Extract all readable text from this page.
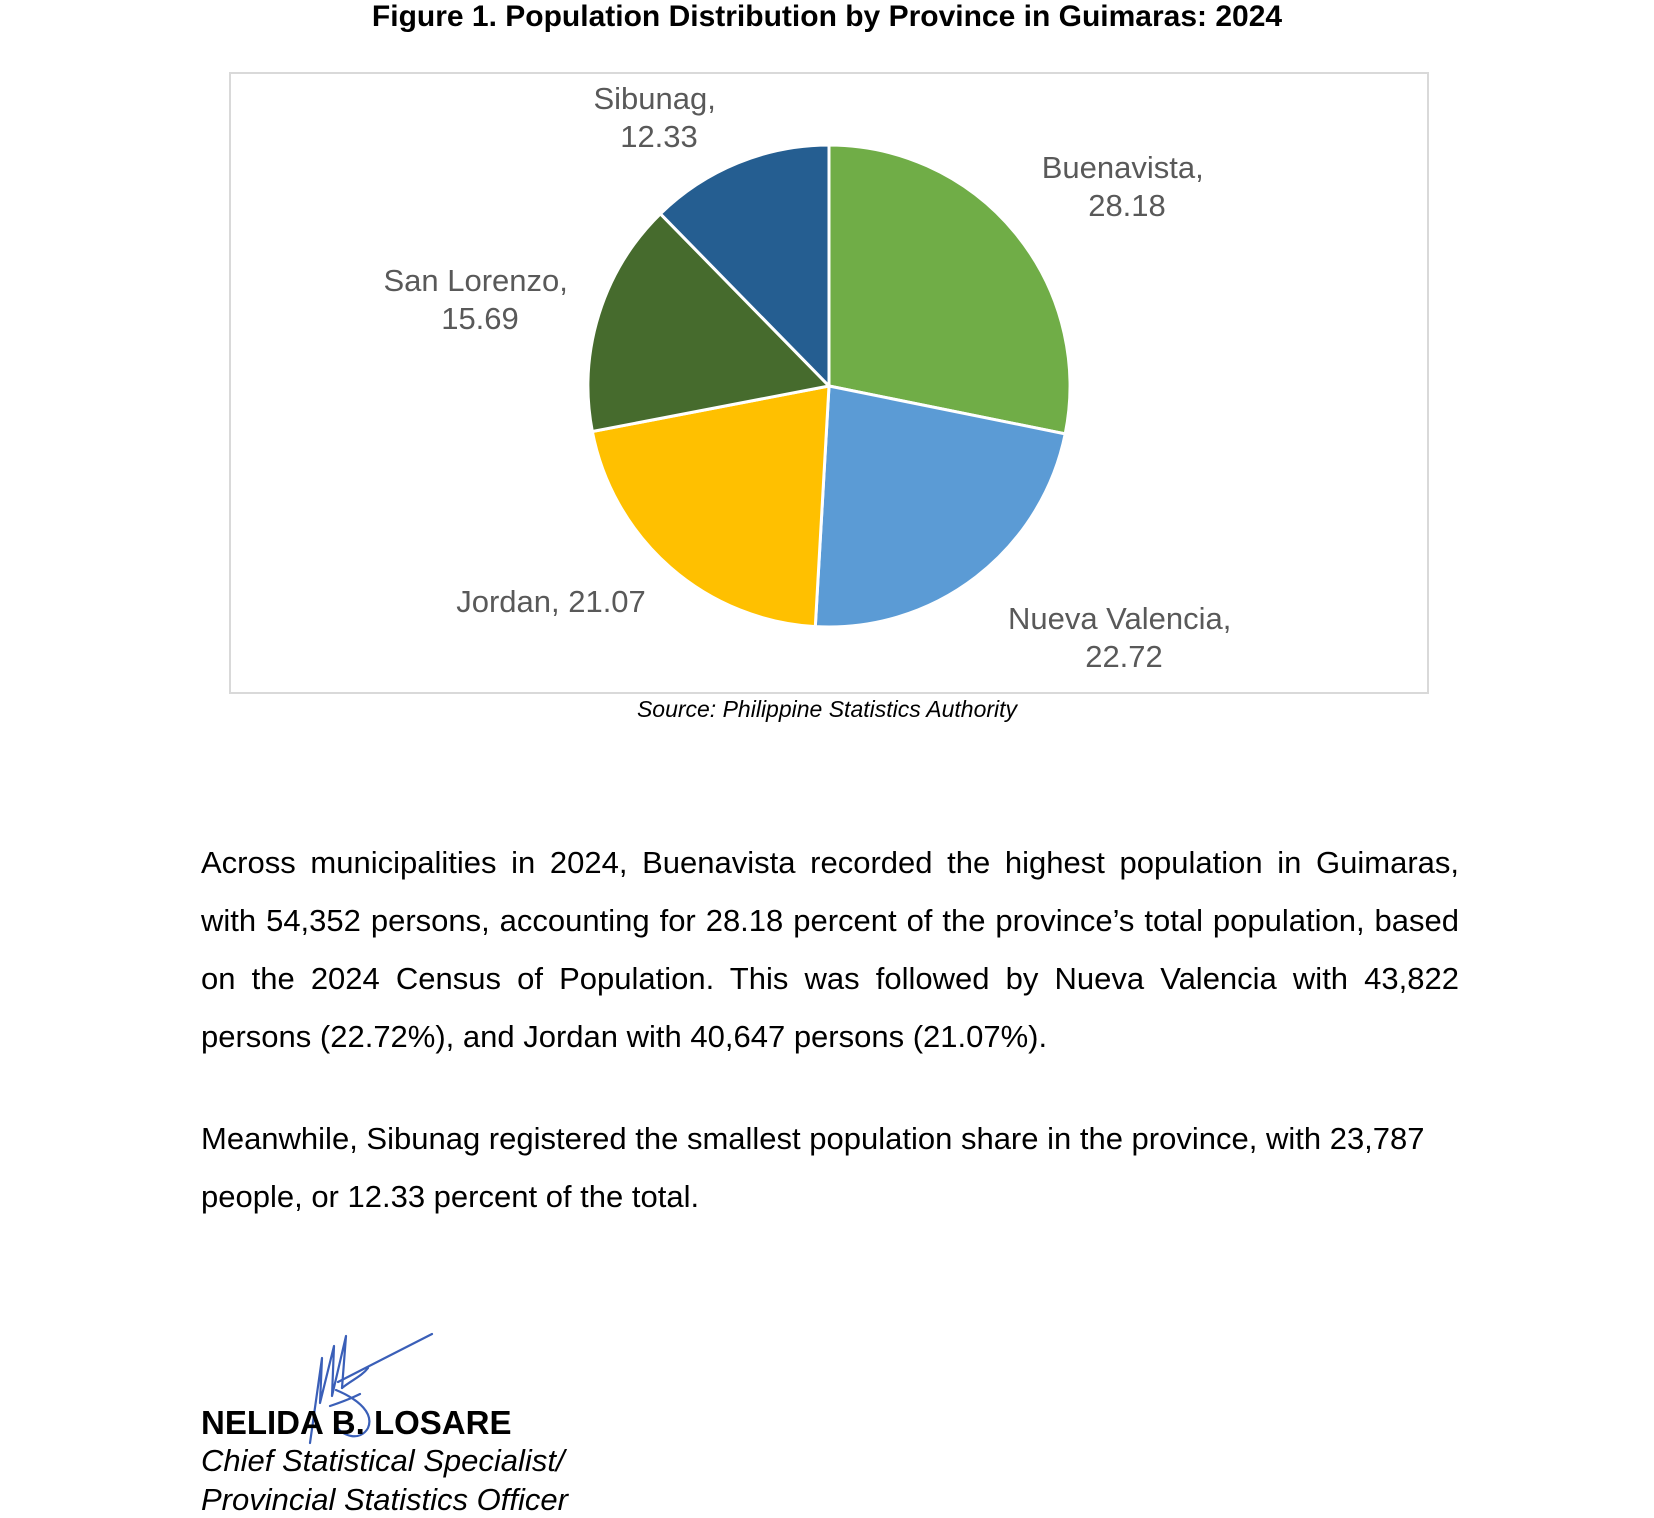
Figure 1. Population Distribution by Province in Guimaras: 2024
Buenavista, 28.18
Nueva Valencia, 22.72
Jordan, 21.07
San Lorenzo, 15.69
Sibunag, 12.33
Source: Philippine Statistics Authority

Across municipalities in 2024, Buenavista recorded the highest population in Guimaras, with 54,352 persons, accounting for 28.18 percent of the province’s total population, based on the 2024 Census of Population. This was followed by Nueva Valencia with 43,822 persons (22.72%), and Jordan with 40,647 persons (21.07%).

Meanwhile, Sibunag registered the smallest population share in the province, with 23,787 people, or 12.33 percent of the total.

NELIDA B. LOSARE
Chief Statistical Specialist/
Provincial Statistics Officer
